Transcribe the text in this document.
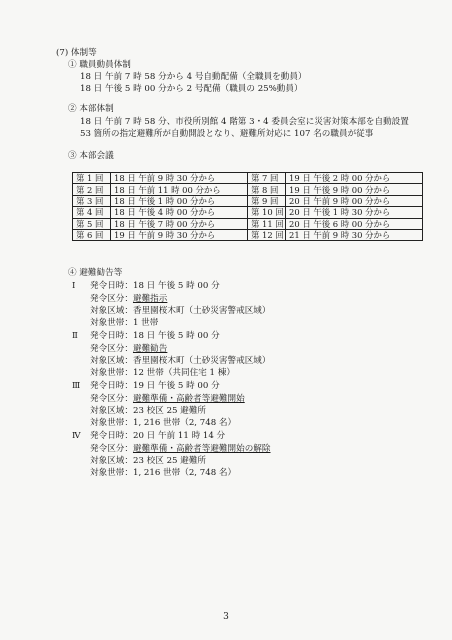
(7) 体制等
① 職員動員体制
18 日 午前 7 時 58 分から 4 号自動配備（全職員を動員）
18 日 午後 5 時 00 分から 2 号配備（職員の 25%動員）
② 本部体制
18 日 午前 7 時 58 分、市役所別館 4 階第 3・4 委員会室に災害対策本部を自動設置
53 箇所の指定避難所が自動開設となり、避難所対応に 107 名の職員が従事
③ 本部会議
第 1 回	18 日 午前 9 時 30 分から	第 7 回	19 日 午後 2 時 00 分から
第 2 回	18 日 午前 11 時 00 分から	第 8 回	19 日 午後 9 時 00 分から
第 3 回	18 日 午後 1 時 00 分から	第 9 回	20 日 午前 9 時 00 分から
第 4 回	18 日 午後 4 時 00 分から	第 10 回	20 日 午後 1 時 30 分から
第 5 回	18 日 午後 7 時 00 分から	第 11 回	20 日 午後 6 時 00 分から
第 6 回	19 日 午前 9 時 30 分から	第 12 回	21 日 午前 9 時 30 分から
④ 避難勧告等
Ⅰ 発令日時： 18 日 午後 5 時 00 分
発令区分： 避難指示
対象区域： 香里園桜木町（土砂災害警戒区域）
対象世帯： 1 世帯
Ⅱ 発令日時： 18 日 午後 5 時 00 分
発令区分： 避難勧告
対象区域： 香里園桜木町（土砂災害警戒区域）
対象世帯： 12 世帯（共同住宅 1 棟）
Ⅲ 発令日時： 19 日 午後 5 時 00 分
発令区分： 避難準備・高齢者等避難開始
対象区域： 23 校区 25 避難所
対象世帯： 1, 216 世帯（2, 748 名）
Ⅳ 発令日時： 20 日 午前 11 時 14 分
発令区分： 避難準備・高齢者等避難開始の解除
対象区域： 23 校区 25 避難所
対象世帯： 1, 216 世帯（2, 748 名）
3
